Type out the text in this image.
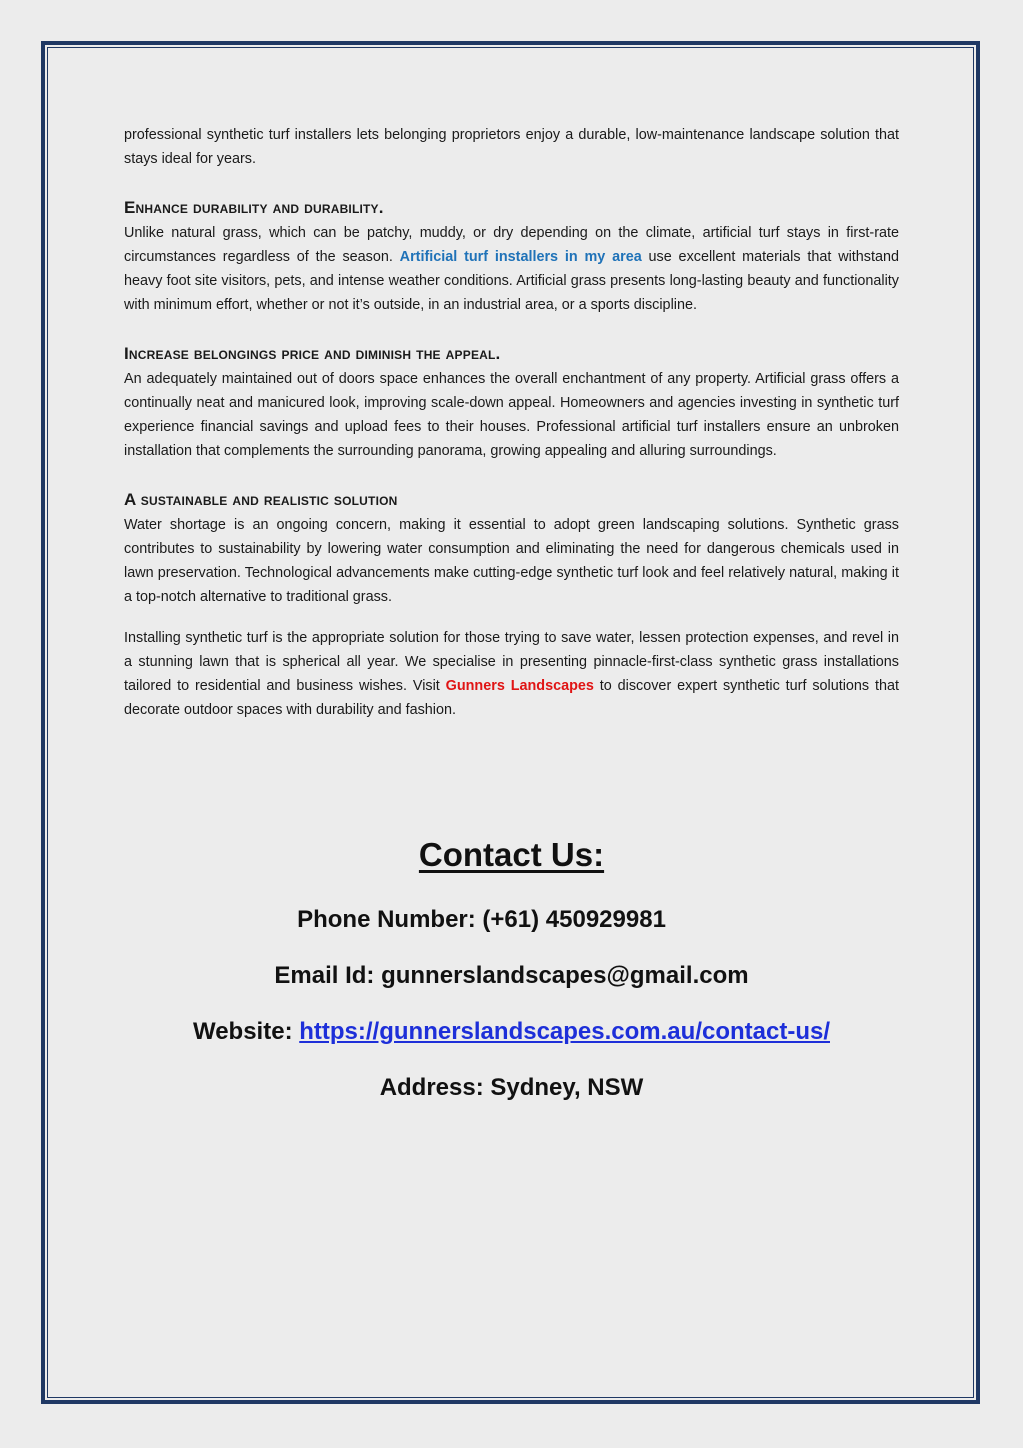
professional synthetic turf installers lets belonging proprietors enjoy a durable, low-maintenance landscape solution that stays ideal for years.

Enhance durability and durability.

Unlike natural grass, which can be patchy, muddy, or dry depending on the climate, artificial turf stays in first-rate circumstances regardless of the season. Artificial turf installers in my area use excellent materials that withstand heavy foot site visitors, pets, and intense weather conditions. Artificial grass presents long-lasting beauty and functionality with minimum effort, whether or not it’s outside, in an industrial area, or a sports discipline.

Increase belongings price and diminish the appeal.

An adequately maintained out of doors space enhances the overall enchantment of any property. Artificial grass offers a continually neat and manicured look, improving scale-down appeal. Homeowners and agencies investing in synthetic turf experience financial savings and upload fees to their houses. Professional artificial turf installers ensure an unbroken installation that complements the surrounding panorama, growing appealing and alluring surroundings.

A sustainable and realistic solution

Water shortage is an ongoing concern, making it essential to adopt green landscaping solutions. Synthetic grass contributes to sustainability by lowering water consumption and eliminating the need for dangerous chemicals used in lawn preservation. Technological advancements make cutting-edge synthetic turf look and feel relatively natural, making it a top-notch alternative to traditional grass.

Installing synthetic turf is the appropriate solution for those trying to save water, lessen protection expenses, and revel in a stunning lawn that is spherical all year. We specialise in presenting pinnacle-first-class synthetic grass installations tailored to residential and business wishes. Visit Gunners Landscapes to discover expert synthetic turf solutions that decorate outdoor spaces with durability and fashion.

Contact Us:
Phone Number: (+61) 450929981
Email Id: gunnerslandscapes@gmail.com
Website: https://gunnerslandscapes.com.au/contact-us/
Address: Sydney, NSW
